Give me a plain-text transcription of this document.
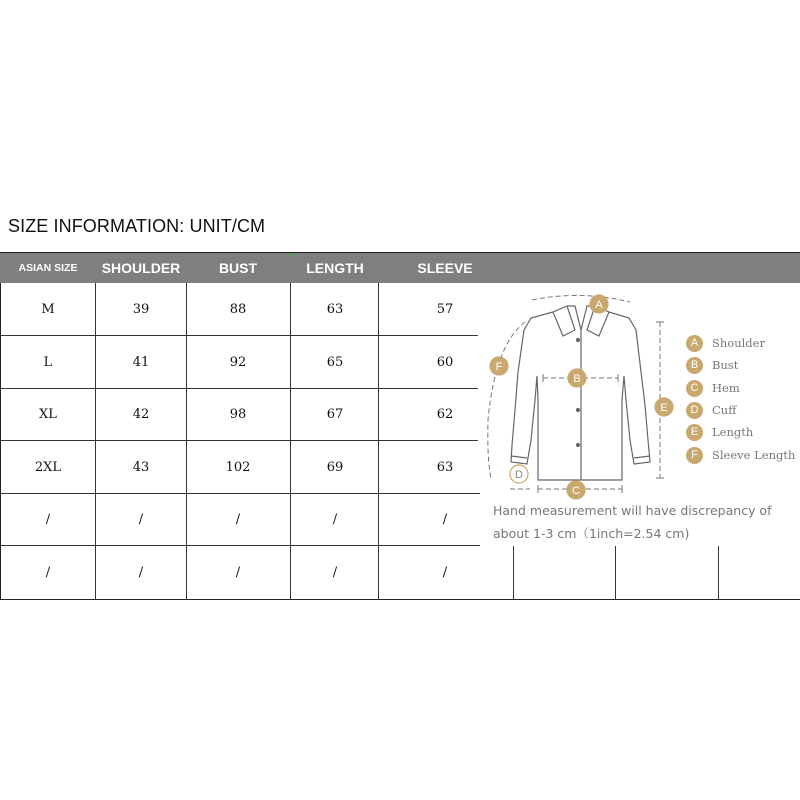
SIZE INFORMATION: UNIT/CM
ASIAN SIZE	SHOULDER	BUST	LENGTH	SLEEVE
M	39	88	63	57
L	41	92	65	60
XL	42	98	67	62
2XL	43	102	69	63
/	/	/	/	/
/	/	/	/	/
A
B
C
D
E
F
A	Shoulder
B	Bust
C	Hem
D	Cuff
E	Length
F	Sleeve Length
Hand measurement will have discrepancy of
about 1-3 cm（1inch=2.54 cm)
